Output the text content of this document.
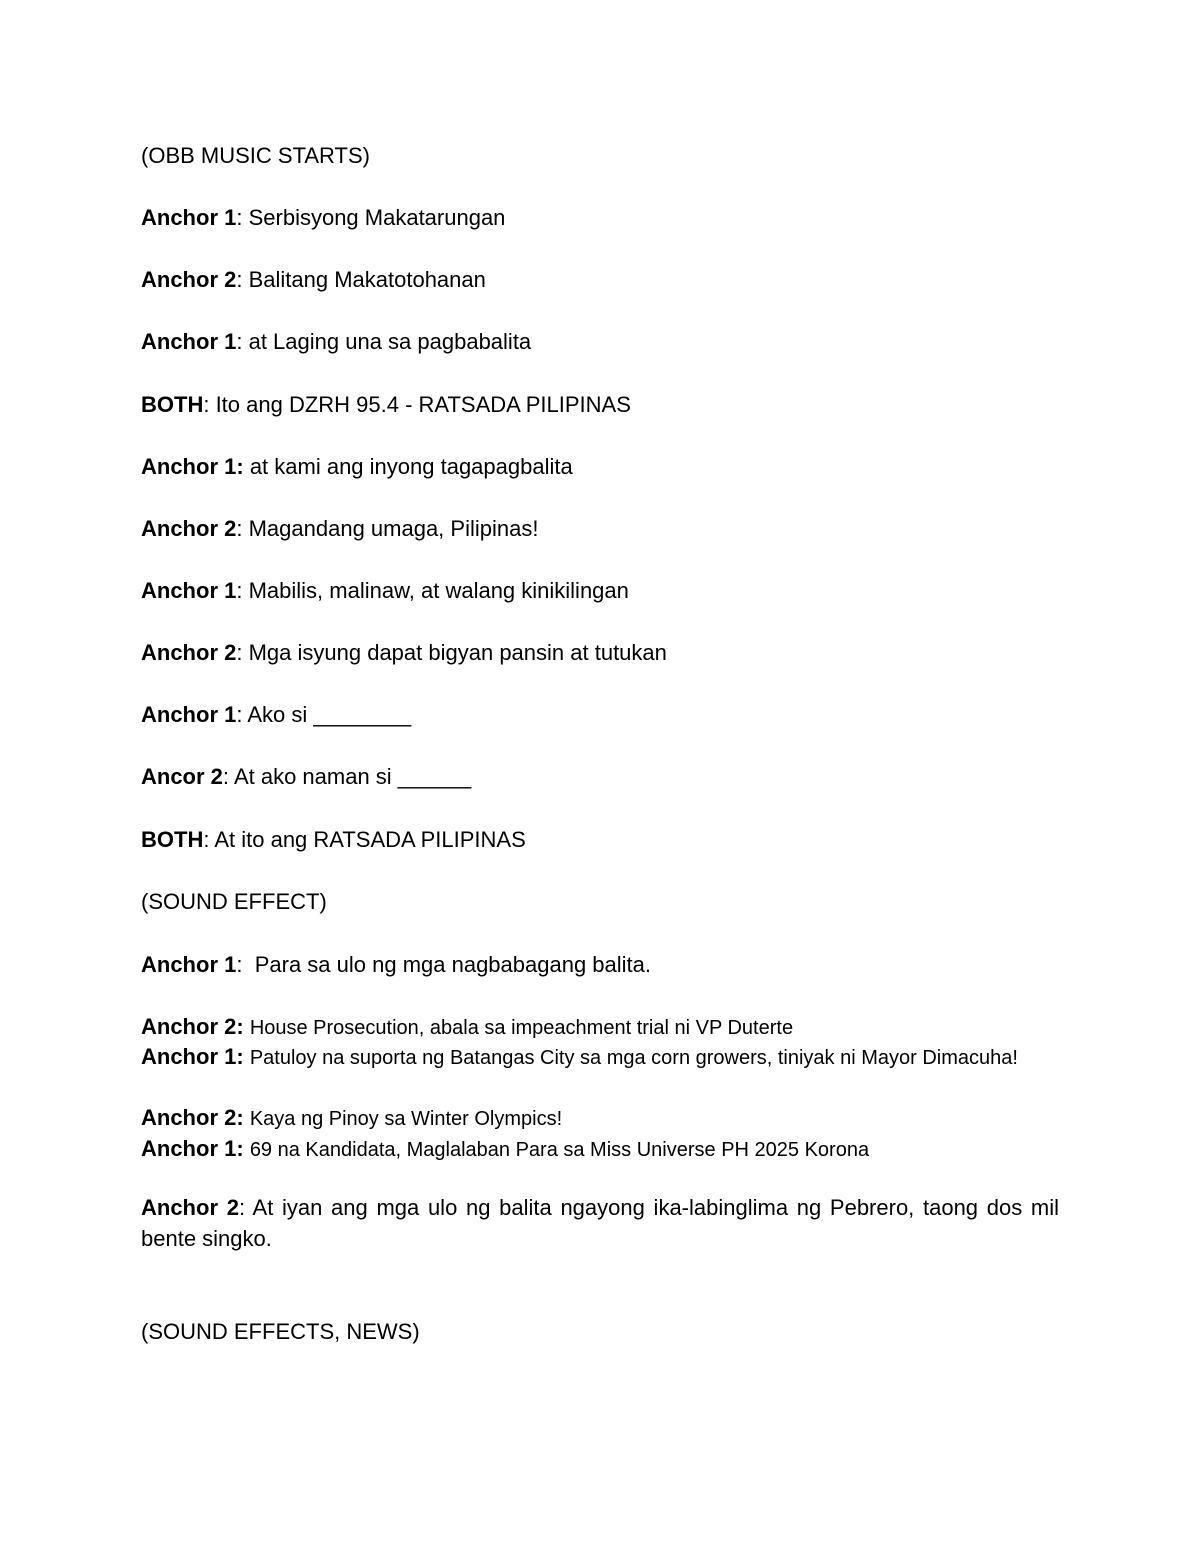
(OBB MUSIC STARTS)
Anchor 1: Serbisyong Makatarungan
Anchor 2: Balitang Makatotohanan
Anchor 1: at Laging una sa pagbabalita
BOTH: Ito ang DZRH 95.4 - RATSADA PILIPINAS
Anchor 1: at kami ang inyong tagapagbalita
Anchor 2: Magandang umaga, Pilipinas!
Anchor 1: Mabilis, malinaw, at walang kinikilingan
Anchor 2: Mga isyung dapat bigyan pansin at tutukan
Anchor 1: Ako si ________
Ancor 2: At ako naman si ______
BOTH: At ito ang RATSADA PILIPINAS
(SOUND EFFECT)
Anchor 1:  Para sa ulo ng mga nagbabagang balita.
Anchor 2: House Prosecution, abala sa impeachment trial ni VP Duterte
Anchor 1: Patuloy na suporta ng Batangas City sa mga corn growers, tiniyak ni Mayor Dimacuha!
Anchor 2: Kaya ng Pinoy sa Winter Olympics!
Anchor 1: 69 na Kandidata, Maglalaban Para sa Miss Universe PH 2025 Korona
Anchor 2: At iyan ang mga ulo ng balita ngayong ika-labinglima ng Pebrero, taong dos mil bente singko.
(SOUND EFFECTS, NEWS)
